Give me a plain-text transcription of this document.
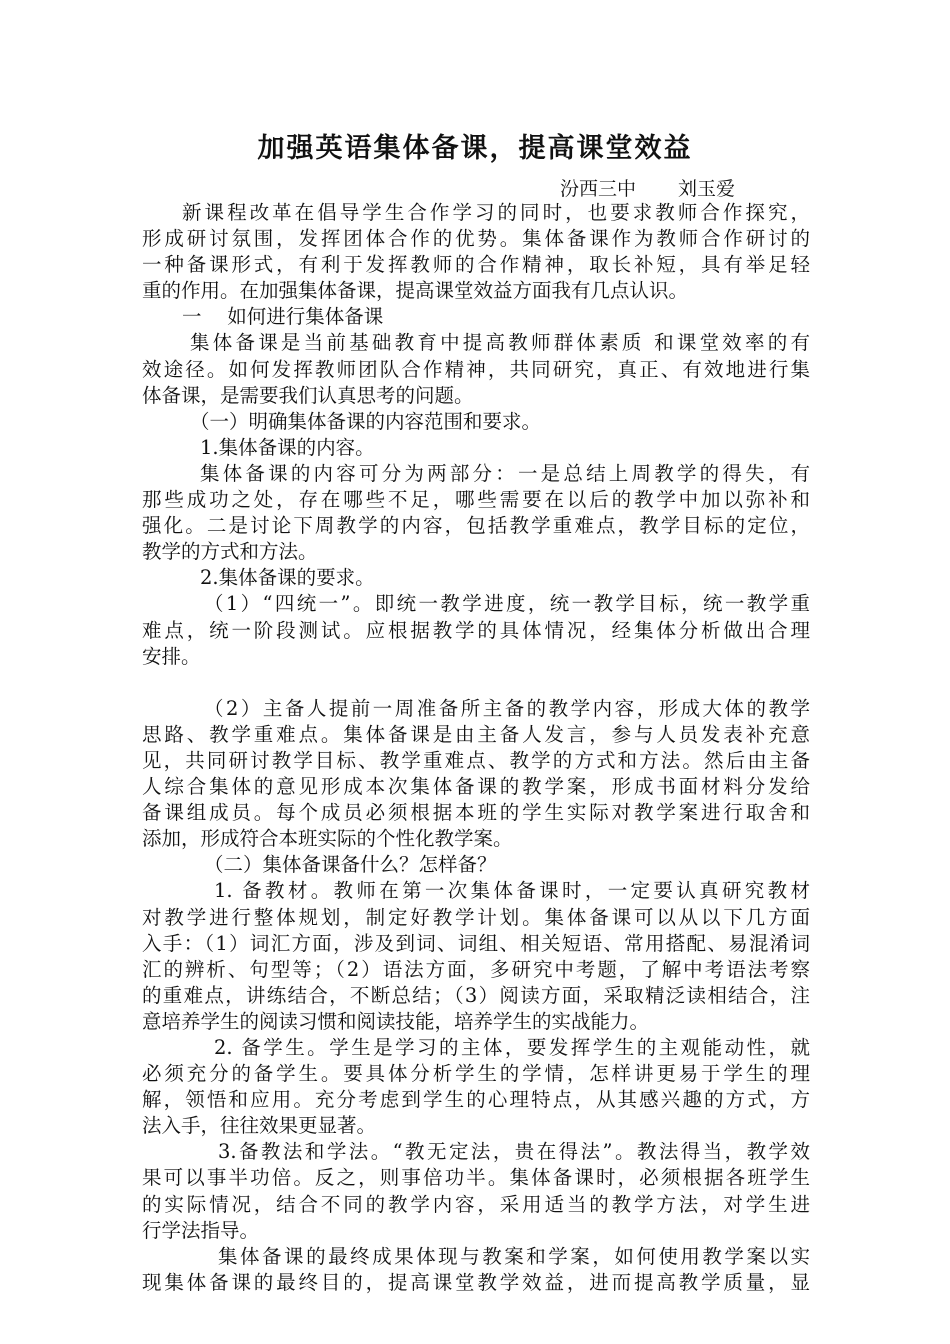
加强英语集体备课，提高课堂效益
汾西三中 刘玉爱
新课程改革在倡导学生合作学习的同时，也要求教师合作探究，
形成研讨氛围，发挥团体合作的优势。集体备课作为教师合作研讨的
一种备课形式，有利于发挥教师的合作精神，取长补短，具有举足轻
重的作用。在加强集体备课，提高课堂效益方面我有几点认识。
一　 如何进行集体备课
集体备课是当前基础教育中提高教师群体素质 和课堂效率的有
效途径。如何发挥教师团队合作精神，共同研究，真正、有效地进行集
体备课，是需要我们认真思考的问题。
（一）明确集体备课的内容范围和要求。
1.集体备课的内容。
集体备课的内容可分为两部分：一是总结上周教学的得失，有
那些成功之处，存在哪些不足，哪些需要在以后的教学中加以弥补和
强化。二是讨论下周教学的内容，包括教学重难点，教学目标的定位，
教学的方式和方法。
2.集体备课的要求。
（1）“四统一”。即统一教学进度，统一教学目标，统一教学重
难点，统一阶段测试。应根据教学的具体情况，经集体分析做出合理
安排。
（2）主备人提前一周准备所主备的教学内容，形成大体的教学
思路、教学重难点。集体备课是由主备人发言，参与人员发表补充意
见，共同研讨教学目标、教学重难点、教学的方式和方法。然后由主备
人综合集体的意见形成本次集体备课的教学案，形成书面材料分发给
备课组成员。每个成员必须根据本班的学生实际对教学案进行取舍和
添加，形成符合本班实际的个性化教学案。
（二）集体备课备什么？怎样备？
1. 备教材。教师在第一次集体备课时，一定要认真研究教材
对教学进行整体规划，制定好教学计划。集体备课可以从以下几方面
入手：（1）词汇方面，涉及到词、词组、相关短语、常用搭配、易混淆词
汇的辨析、句型等；（2）语法方面，多研究中考题，了解中考语法考察
的重难点，讲练结合，不断总结；（3）阅读方面，采取精泛读相结合，注
意培养学生的阅读习惯和阅读技能，培养学生的实战能力。
2. 备学生。学生是学习的主体，要发挥学生的主观能动性，就
必须充分的备学生。要具体分析学生的学情，怎样讲更易于学生的理
解，领悟和应用。充分考虑到学生的心理特点，从其感兴趣的方式，方
法入手，往往效果更显著。
3.备教法和学法。“教无定法，贵在得法”。教法得当，教学效
果可以事半功倍。反之，则事倍功半。集体备课时，必须根据各班学生
的实际情况，结合不同的教学内容，采用适当的教学方法，对学生进
行学法指导。
集体备课的最终成果体现与教案和学案，如何使用教学案以实
现集体备课的最终目的，提高课堂教学效益，进而提高教学质量，显
